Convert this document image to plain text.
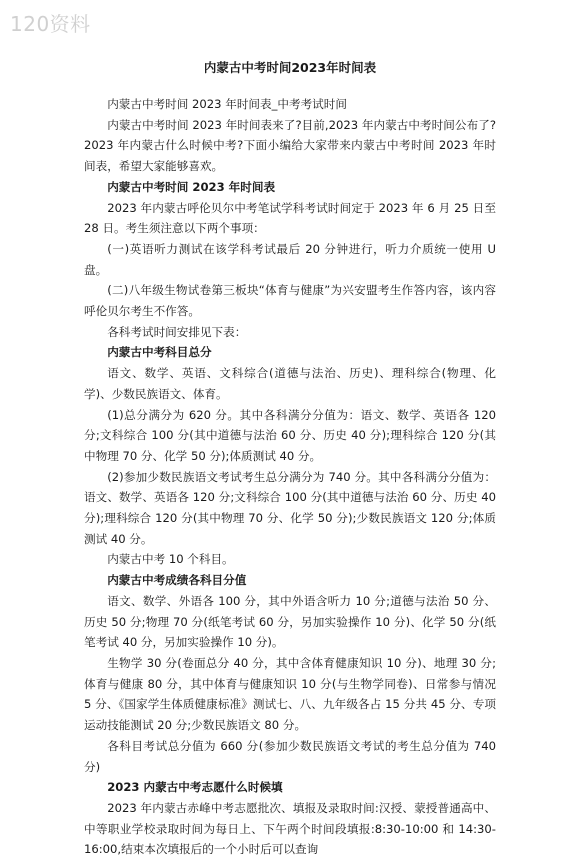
120资料
内蒙古中考时间2023年时间表

内蒙古中考时间 2023 年时间表_中考考试时间

内蒙古中考时间 2023 年时间表来了?目前,2023 年内蒙古中考时间公布了?2023 年内蒙古什么时候中考?下面小编给大家带来内蒙古中考时间 2023 年时间表，希望大家能够喜欢。

内蒙古中考时间 2023 年时间表

2023 年内蒙古呼伦贝尔中考笔试学科考试时间定于 2023 年 6 月 25 日至 28 日。考生须注意以下两个事项：

(一)英语听力测试在该学科考试最后 20 分钟进行，听力介质统一使用 U 盘。

(二)八年级生物试卷第三板块“体育与健康”为兴安盟考生作答内容，该内容呼伦贝尔考生不作答。

各科考试时间安排见下表：

内蒙古中考科目总分

语文、数学、英语、文科综合(道德与法治、历史)、理科综合(物理、化学)、少数民族语文、体育。

(1)总分满分为 620 分。其中各科满分分值为：语文、数学、英语各 120 分;文科综合 100 分(其中道德与法治 60 分、历史 40 分);理科综合 120 分(其中物理 70 分、化学 50 分);体质测试 40 分。

(2)参加少数民族语文考试考生总分满分为 740 分。其中各科满分分值为：语文、数学、英语各 120 分;文科综合 100 分(其中道德与法治 60 分、历史 40 分);理科综合 120 分(其中物理 70 分、化学 50 分);少数民族语文 120 分;体质测试 40 分。

内蒙古中考 10 个科目。

内蒙古中考成绩各科目分值

语文、数学、外语各 100 分，其中外语含听力 10 分;道德与法治 50 分、历史 50 分;物理 70 分(纸笔考试 60 分，另加实验操作 10 分)、化学 50 分(纸笔考试 40 分，另加实验操作 10 分)。

生物学 30 分(卷面总分 40 分，其中含体育健康知识 10 分)、地理 30 分;体育与健康 80 分，其中体育与健康知识 10 分(与生物学同卷)、日常参与情况 5 分、《国家学生体质健康标准》测试七、八、九年级各占 15 分共 45 分、专项运动技能测试 20 分;少数民族语文 80 分。

各科目考试总分值为 660 分(参加少数民族语文考试的考生总分值为 740 分)

2023 内蒙古中考志愿什么时候填

2023 年内蒙古赤峰中考志愿批次、填报及录取时间:汉授、蒙授普通高中、中等职业学校录取时间为每日上、下午两个时间段填报:8:30-10:00 和 14:30-16:00,结束本次填报后的一个小时后可以查询
